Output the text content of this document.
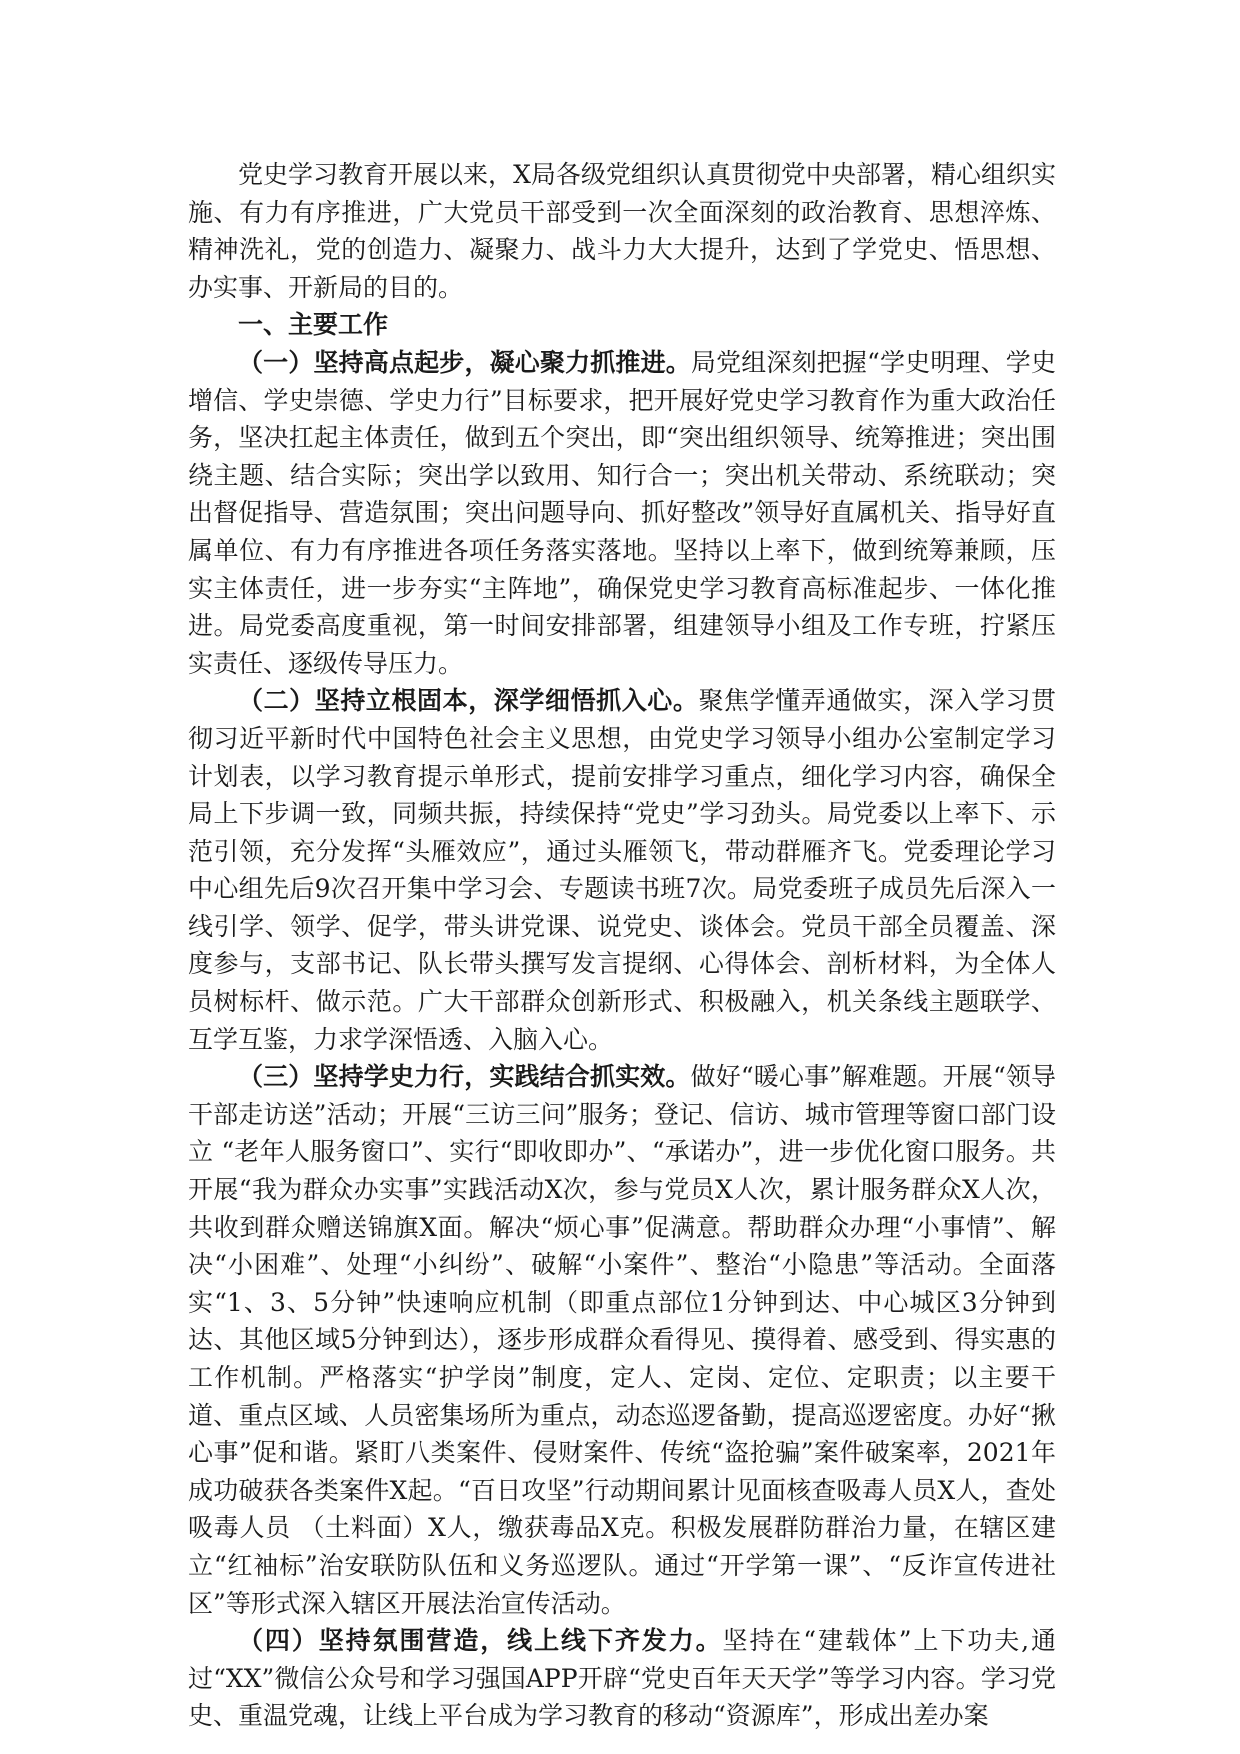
党史学习教育开展以来，X局各级党组织认真贯彻党中央部署，精心组织实施、有力有序推进，广大党员干部受到一次全面深刻的政治教育、思想淬炼、精神洗礼，党的创造力、凝聚力、战斗力大大提升，达到了学党史、悟思想、办实事、开新局的目的。

一、主要工作

（一）坚持高点起步，凝心聚力抓推进。局党组深刻把握“学史明理、学史增信、学史崇德、学史力行”目标要求，把开展好党史学习教育作为重大政治任务，坚决扛起主体责任，做到五个突出，即“突出组织领导、统筹推进；突出围绕主题、结合实际；突出学以致用、知行合一；突出机关带动、系统联动；突出督促指导、营造氛围；突出问题导向、抓好整改”领导好直属机关、指导好直属单位、有力有序推进各项任务落实落地。坚持以上率下，做到统筹兼顾，压实主体责任，进一步夯实“主阵地”，确保党史学习教育高标准起步、一体化推进。局党委高度重视，第一时间安排部署，组建领导小组及工作专班，拧紧压实责任、逐级传导压力。

（二）坚持立根固本，深学细悟抓入心。聚焦学懂弄通做实，深入学习贯彻习近平新时代中国特色社会主义思想，由党史学习领导小组办公室制定学习计划表，以学习教育提示单形式，提前安排学习重点，细化学习内容，确保全局上下步调一致，同频共振，持续保持“党史”学习劲头。局党委以上率下、示范引领，充分发挥“头雁效应”，通过头雁领飞，带动群雁齐飞。党委理论学习中心组先后9次召开集中学习会、专题读书班7次。局党委班子成员先后深入一线引学、领学、促学，带头讲党课、说党史、谈体会。党员干部全员覆盖、深度参与，支部书记、队长带头撰写发言提纲、心得体会、剖析材料，为全体人员树标杆、做示范。广大干部群众创新形式、积极融入，机关条线主题联学、互学互鉴，力求学深悟透、入脑入心。

（三）坚持学史力行，实践结合抓实效。做好“暖心事”解难题。开展“领导干部走访送”活动；开展“三访三问”服务；登记、信访、城市管理等窗口部门设立 “老年人服务窗口”、实行“即收即办”、“承诺办”，进一步优化窗口服务。共开展“我为群众办实事”实践活动X次，参与党员X人次，累计服务群众X人次，共收到群众赠送锦旗X面。解决“烦心事”促满意。帮助群众办理“小事情”、解决“小困难”、处理“小纠纷”、破解“小案件”、整治“小隐患”等活动。全面落实“1、3、5分钟”快速响应机制（即重点部位1分钟到达、中心城区3分钟到达、其他区域5分钟到达），逐步形成群众看得见、摸得着、感受到、得实惠的工作机制。严格落实“护学岗”制度，定人、定岗、定位、定职责；以主要干道、重点区域、人员密集场所为重点，动态巡逻备勤，提高巡逻密度。办好“揪心事”促和谐。紧盯八类案件、侵财案件、传统“盗抢骗”案件破案率，2021年成功破获各类案件X起。“百日攻坚”行动期间累计见面核查吸毒人员X人，查处吸毒人员 （土料面）X人，缴获毒品X克。积极发展群防群治力量，在辖区建立“红袖标”治安联防队伍和义务巡逻队。通过“开学第一课”、“反诈宣传进社区”等形式深入辖区开展法治宣传活动。

（四）坚持氛围营造，线上线下齐发力。坚持在“建载体”上下功夫,通过“XX”微信公众号和学习强国APP开辟“党史百年天天学”等学习内容。学习党史、重温党魂，让线上平台成为学习教育的移动“资源库”，形成出差办案
